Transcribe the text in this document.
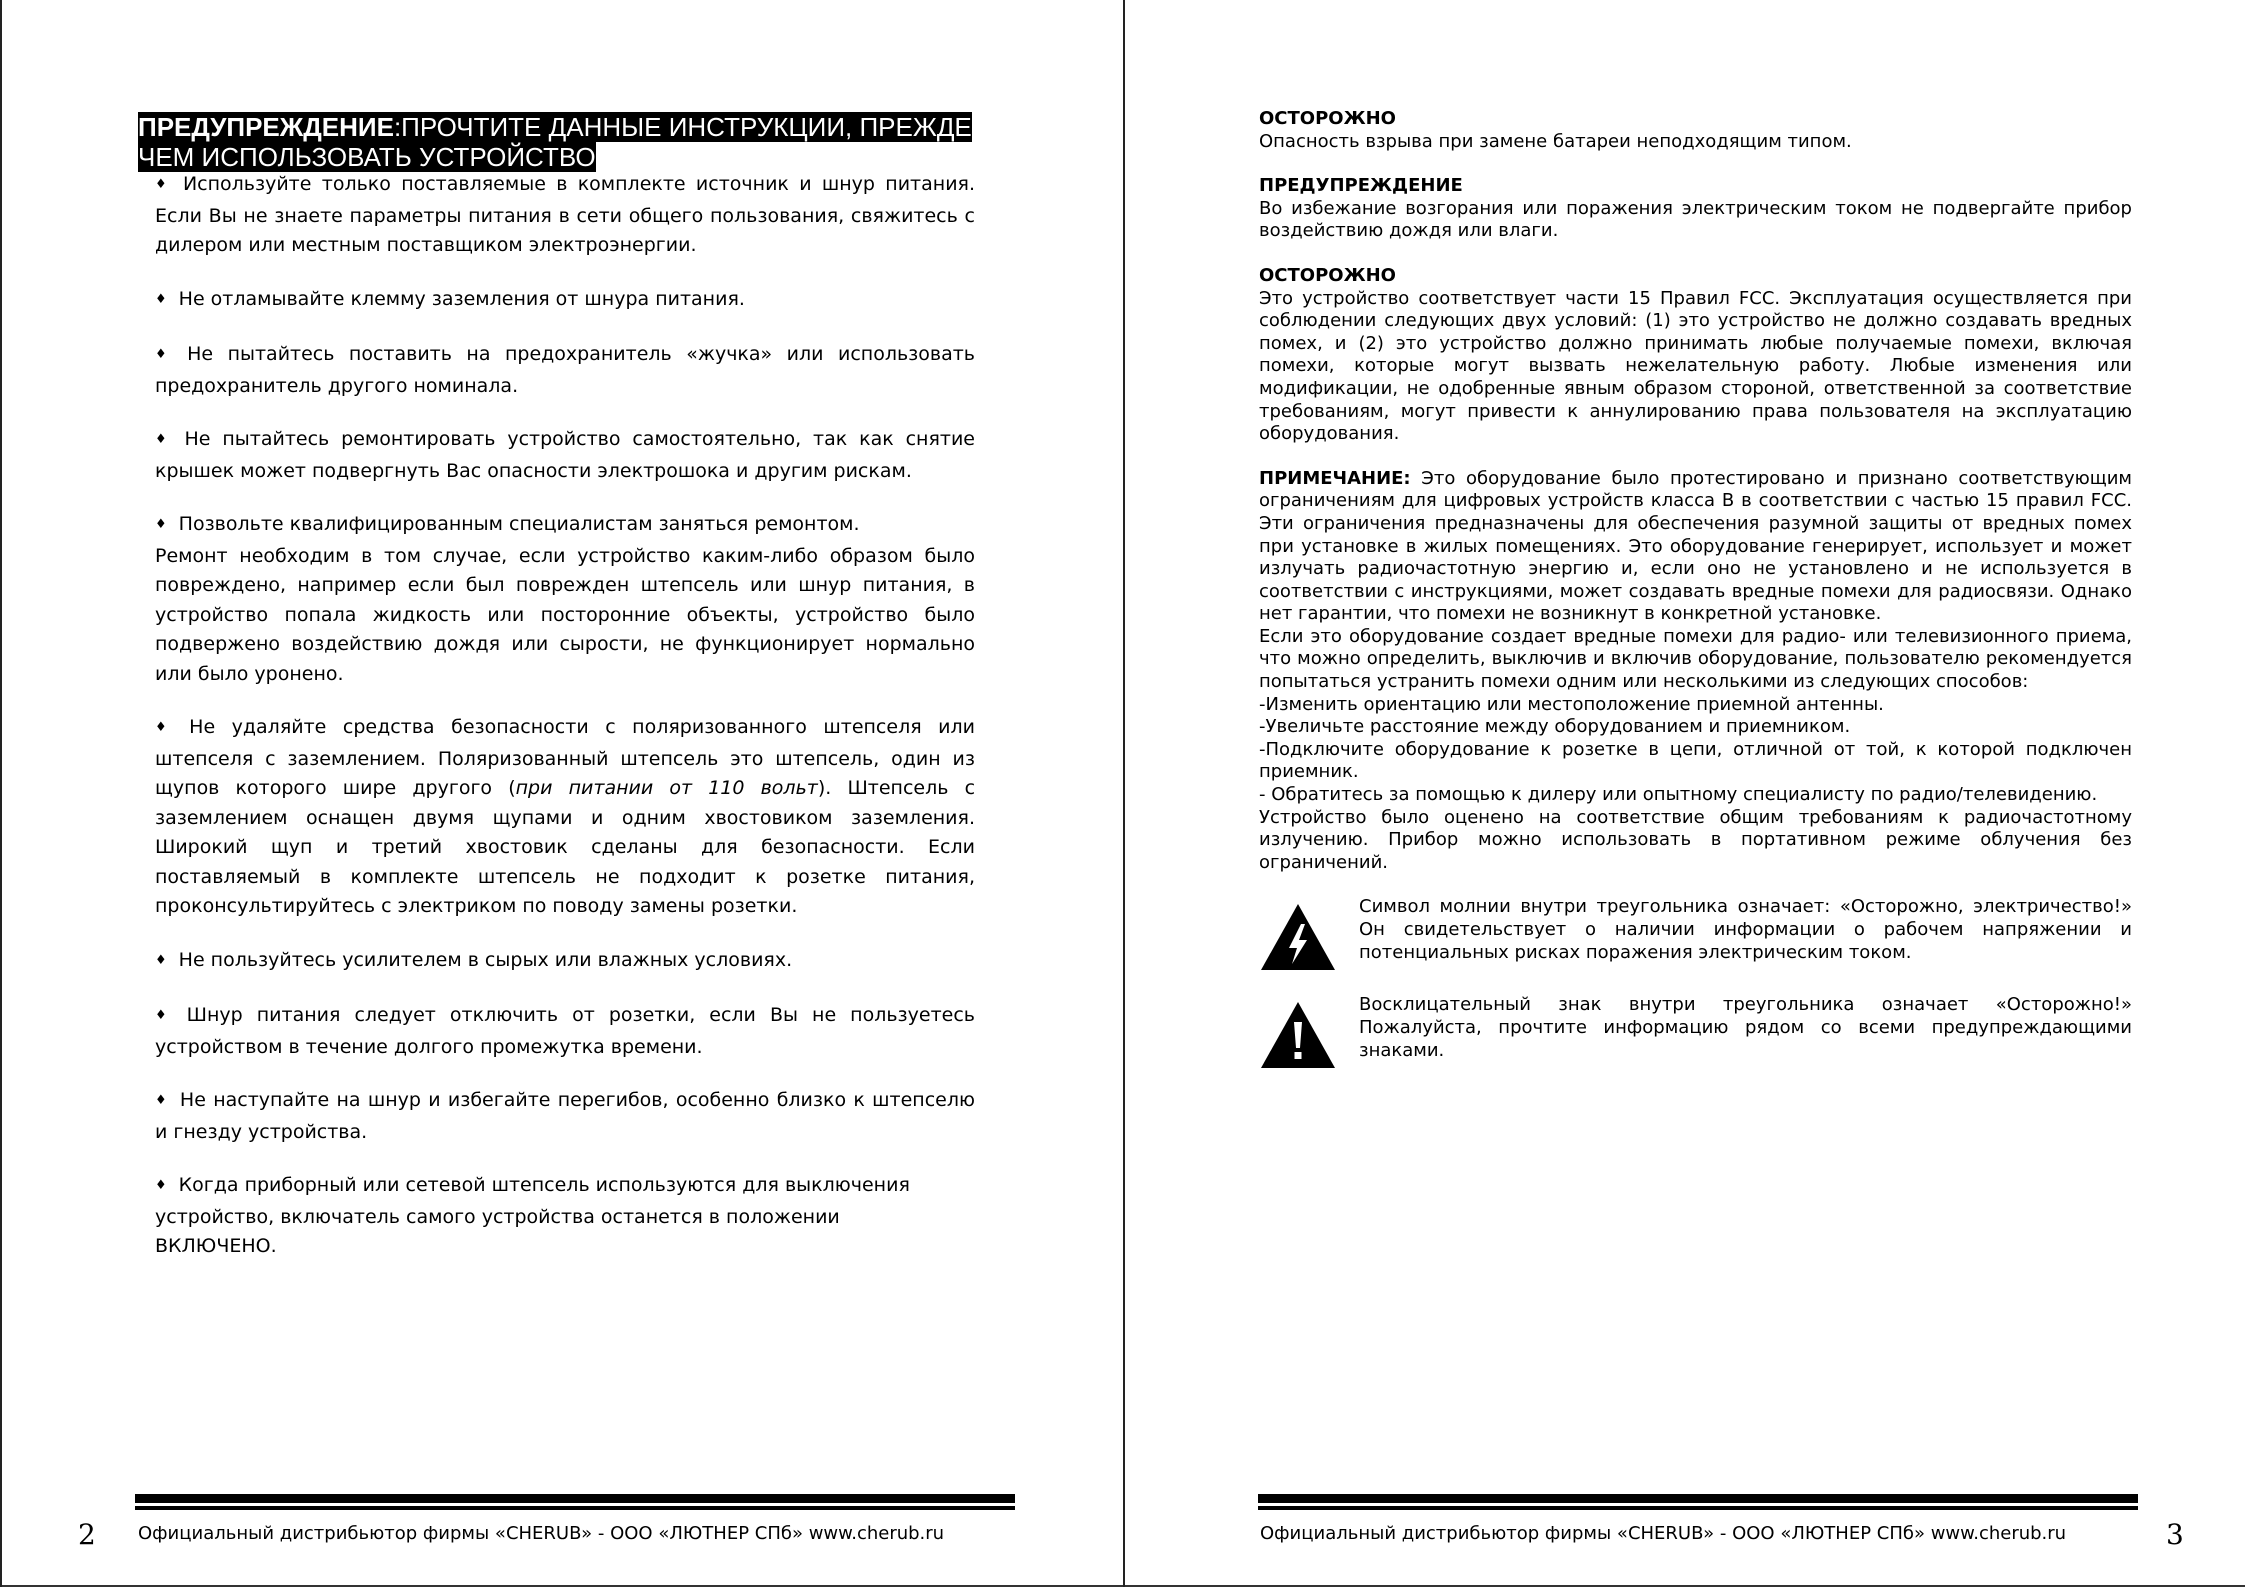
ПРЕДУПРЕЖДЕНИЕ:ПРОЧТИТЕ ДАННЫЕ ИНСТРУКЦИИ, ПРЕЖДЕ ЧЕМ ИСПОЛЬЗОВАТЬ УСТРОЙСТВО

♦ Используйте только поставляемые в комплекте источник и шнур питания. Если Вы не знаете параметры питания в сети общего пользования, свяжитесь с дилером или местным поставщиком электроэнергии.

♦ Не отламывайте клемму заземления от шнура питания.

♦ Не пытайтесь поставить на предохранитель «жучка» или использовать предохранитель другого номинала.

♦ Не пытайтесь ремонтировать устройство самостоятельно, так как снятие крышек может подвергнуть Вас опасности электрошока и другим рискам.

♦ Позвольте квалифицированным специалистам заняться ремонтом.
Ремонт необходим в том случае, если устройство каким-либо образом было повреждено, например если был поврежден штепсель или шнур питания, в устройство попала жидкость или посторонние объекты, устройство было подвержено воздействию дождя или сырости, не функционирует нормально или было уронено.

♦ Не удаляйте средства безопасности с поляризованного штепселя или штепселя с заземлением. Поляризованный штепсель это штепсель, один из щупов которого шире другого (при питании от 110 вольт). Штепсель с заземлением оснащен двумя щупами и одним хвостовиком заземления. Широкий щуп и третий хвостовик сделаны для безопасности. Если поставляемый в комплекте штепсель не подходит к розетке питания, проконсультируйтесь с электриком по поводу замены розетки.

♦ Не пользуйтесь усилителем в сырых или влажных условиях.

♦ Шнур питания следует отключить от розетки, если Вы не пользуетесь устройством в течение долгого промежутка времени.

♦ Не наступайте на шнур и избегайте перегибов, особенно близко к штепселю и гнезду устройства.

♦ Когда приборный или сетевой штепсель используются для выключения
устройство, включатель самого устройства останется в положении
ВКЛЮЧЕНО.

Официальный дистрибьютор фирмы «CHERUB» - ООО «ЛЮТНЕР СПб» www.cherub.ru
2
ОСТОРОЖНО

Опасность взрыва при замене батареи неподходящим типом.

ПРЕДУПРЕЖДЕНИЕ

Во избежание возгорания или поражения электрическим током не подвергайте прибор воздействию дождя или влаги.

ОСТОРОЖНО

Это устройство соответствует части 15 Правил FCC. Эксплуатация осуществляется при соблюдении следующих двух условий: (1) это устройство не должно создавать вредных помех, и (2) это устройство должно принимать любые получаемые помехи, включая помехи, которые могут вызвать нежелательную работу. Любые изменения или модификации, не одобренные явным образом стороной, ответственной за соответствие требованиям, могут привести к аннулированию права пользователя на эксплуатацию оборудования.

ПРИМЕЧАНИЕ: Это оборудование было протестировано и признано соответствующим ограничениям для цифровых устройств класса B в соответствии с частью 15 правил FCC. Эти ограничения предназначены для обеспечения разумной защиты от вредных помех при установке в жилых помещениях. Это оборудование генерирует, использует и может излучать радиочастотную энергию и, если оно не установлено и не используется в соответствии с инструкциями, может создавать вредные помехи для радиосвязи. Однако нет гарантии, что помехи не возникнут в конкретной установке.

Если это оборудование создает вредные помехи для радио- или телевизионного приема, что можно определить, выключив и включив оборудование, пользователю рекомендуется попытаться устранить помехи одним или несколькими из следующих способов:

-Изменить ориентацию или местоположение приемной антенны.

-Увеличьте расстояние между оборудованием и приемником.

-Подключите оборудование к розетке в цепи, отличной от той, к которой подключен приемник.

- Обратитесь за помощью к дилеру или опытному специалисту по радио/телевидению.

Устройство было оценено на соответствие общим требованиям к радиочастотному излучению. Прибор можно использовать в портативном режиме облучения без ограничений.

Символ молнии внутри треугольника означает: «Осторожно, электричество!» Он свидетельствует о наличии информации о рабочем напряжении и потенциальных рисках поражения электрическим током.
Восклицательный знак внутри треугольника означает «Осторожно!» Пожалуйста, прочтите информацию рядом со всеми предупреждающими знаками.
Официальный дистрибьютор фирмы «CHERUB» - ООО «ЛЮТНЕР СПб» www.cherub.ru	3
